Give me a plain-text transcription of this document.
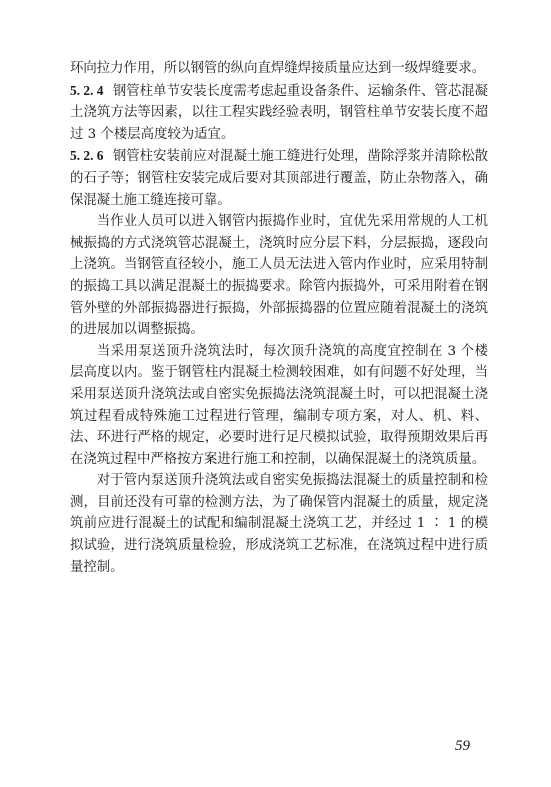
环向拉力作用，所以钢管的纵向直焊缝焊接质量应达到一级焊缝要求。

5. 2. 4 钢管柱单节安装长度需考虑起重设备条件、运输条件、管芯混凝土浇筑方法等因素，以往工程实践经验表明，钢管柱单节安装长度不超过 3 个楼层高度较为适宜。

5. 2. 6 钢管柱安装前应对混凝土施工缝进行处理，凿除浮浆并清除松散的石子等；钢管柱安装完成后要对其顶部进行覆盖，防止杂物落入，确保混凝土施工缝连接可靠。

当作业人员可以进入钢管内振捣作业时，宜优先采用常规的人工机械振捣的方式浇筑管芯混凝土，浇筑时应分层下料，分层振捣，逐段向上浇筑。当钢管直径较小，施工人员无法进入管内作业时，应采用特制的振捣工具以满足混凝土的振捣要求。除管内振捣外，可采用附着在钢管外壁的外部振捣器进行振捣，外部振捣器的位置应随着混凝土的浇筑的进展加以调整振捣。

当采用泵送顶升浇筑法时，每次顶升浇筑的高度宜控制在 3 个楼层高度以内。鉴于钢管柱内混凝土检测较困难，如有问题不好处理，当采用泵送顶升浇筑法或自密实免振捣法浇筑混凝土时，可以把混凝土浇筑过程看成特殊施工过程进行管理，编制专项方案，对人、机、料、法、环进行严格的规定，必要时进行足尺模拟试验，取得预期效果后再在浇筑过程中严格按方案进行施工和控制，以确保混凝土的浇筑质量。

对于管内泵送顶升浇筑法或自密实免振捣法混凝土的质量控制和检测，目前还没有可靠的检测方法，为了确保管内混凝土的质量，规定浇筑前应进行混凝土的试配和编制混凝土浇筑工艺，并经过 1 ∶ 1 的模拟试验，进行浇筑质量检验，形成浇筑工艺标准，在浇筑过程中进行质量控制。

59
